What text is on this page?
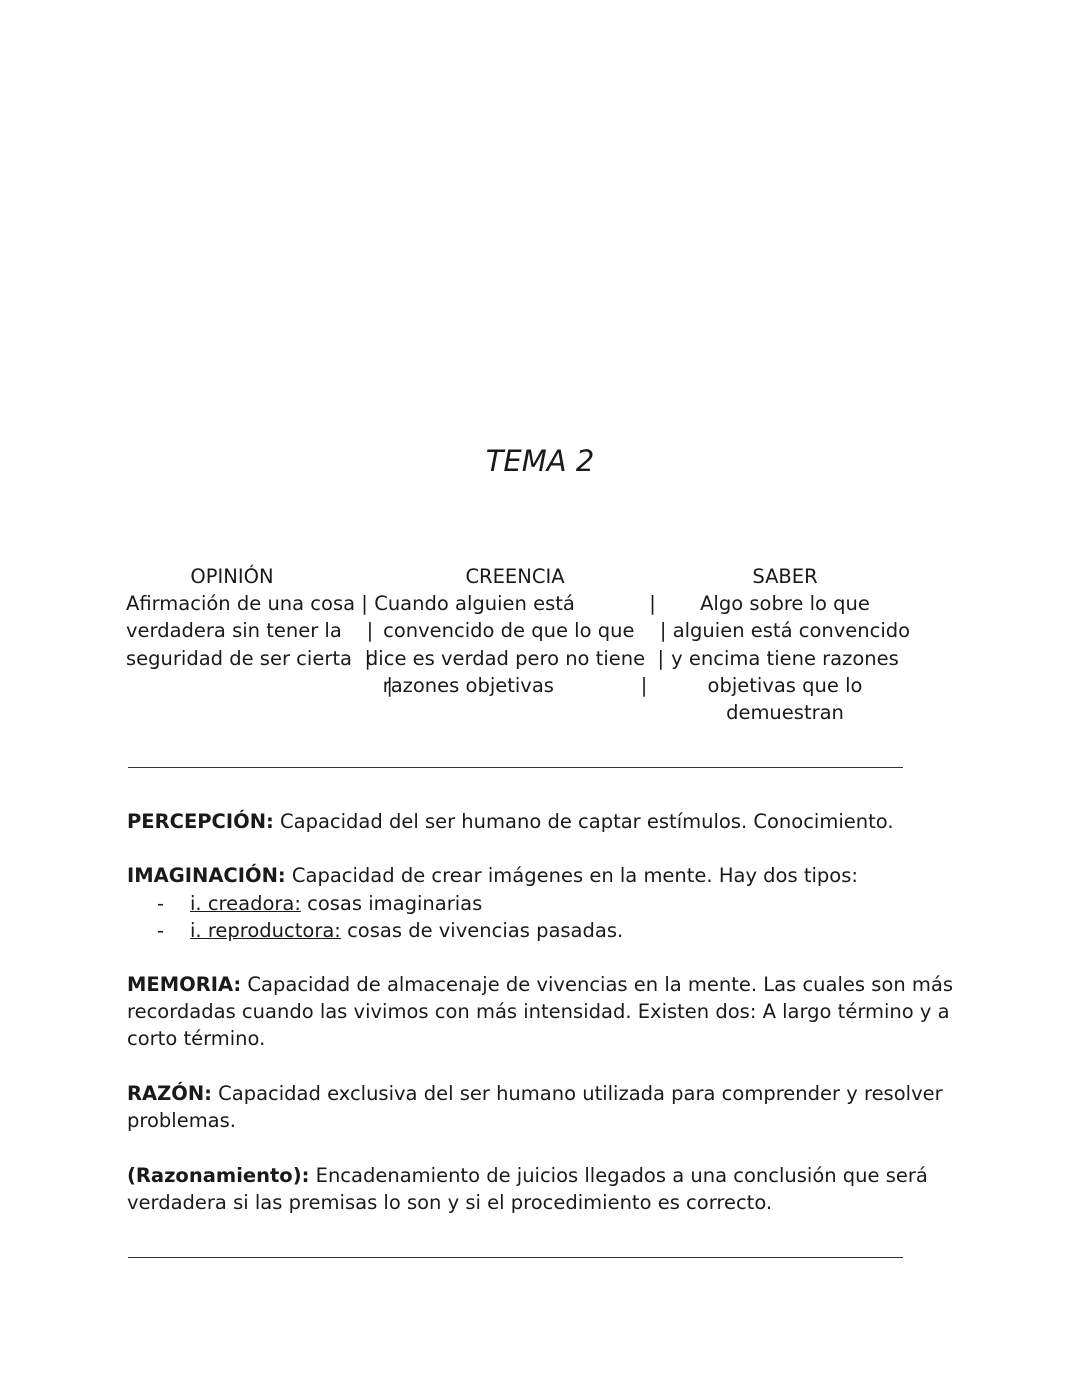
TEMA 2
OPINIÓN
Afirmación de una cosa |
verdadera sin tener la    |
seguridad de ser cierta  |
|
CREENCIA
Cuando alguien está            |
convencido de que lo que
dice es verdad pero no tiene  |
razones objetivas              |
SABER
Algo sobre lo que
| alguien está convencido
y encima tiene razones
objetivas que lo
demuestran
PERCEPCIÓN: Capacidad del ser humano de captar estímulos. Conocimiento.
IMAGINACIÓN: Capacidad de crear imágenes en la mente. Hay dos tipos:
- i. creadora: cosas imaginarias
- i. reproductora: cosas de vivencias pasadas.
MEMORIA: Capacidad de almacenaje de vivencias en la mente. Las cuales son más recordadas cuando las vivimos con más intensidad. Existen dos: A largo término y a corto término.
RAZÓN: Capacidad exclusiva del ser humano utilizada para comprender y resolver problemas.
(Razonamiento): Encadenamiento de juicios llegados a una conclusión que será verdadera si las premisas lo son y si el procedimiento es correcto.
